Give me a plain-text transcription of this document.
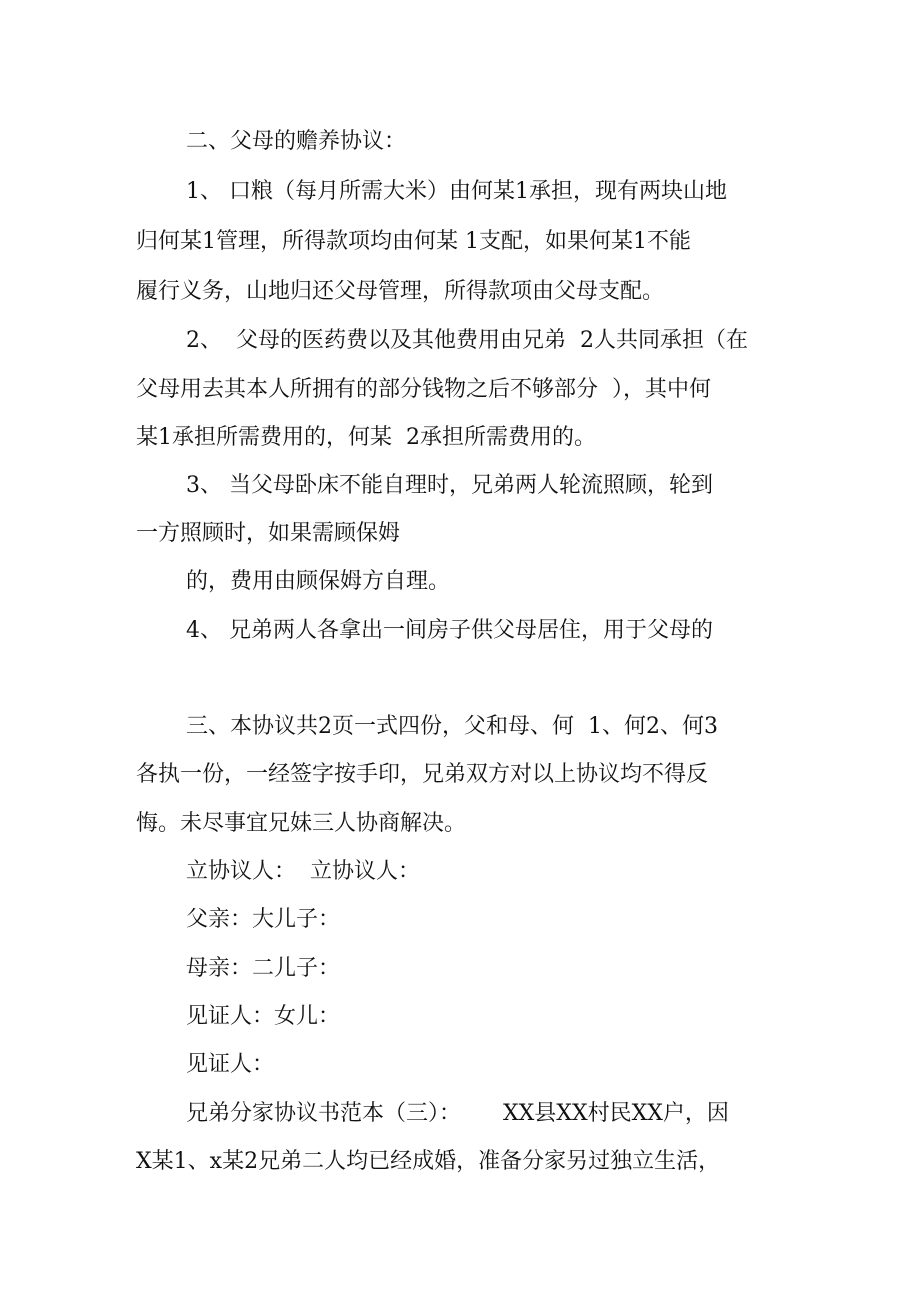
二、父母的赡养协议：
1、 口粮（每月所需大米）由何某1承担，现有两块山地
归何某1管理，所得款项均由何某 1支配，如果何某1不能
履行义务，山地归还父母管理，所得款项由父母支配。
2、  父母的医药费以及其他费用由兄弟  2人共同承担（在
父母用去其本人所拥有的部分钱物之后不够部分  ），其中何
某1承担所需费用的，何某  2承担所需费用的。
3、 当父母卧床不能自理时，兄弟两人轮流照顾，轮到
一方照顾时，如果需顾保姆
的，费用由顾保姆方自理。
4、 兄弟两人各拿出一间房子供父母居住，用于父母的
三、本协议共2页一式四份，父和母、何  1、何2、何3
各执一份，一经签字按手印，兄弟双方对以上协议均不得反
悔。未尽事宜兄妹三人协商解决。
立协议人：  立协议人：
父亲：大儿子：
母亲：二儿子：
见证人：女儿：
见证人：
兄弟分家协议书范本（三）：      XX县XX村民XX户，因
X某1、x某2兄弟二人均已经成婚，准备分家另过独立生活，
